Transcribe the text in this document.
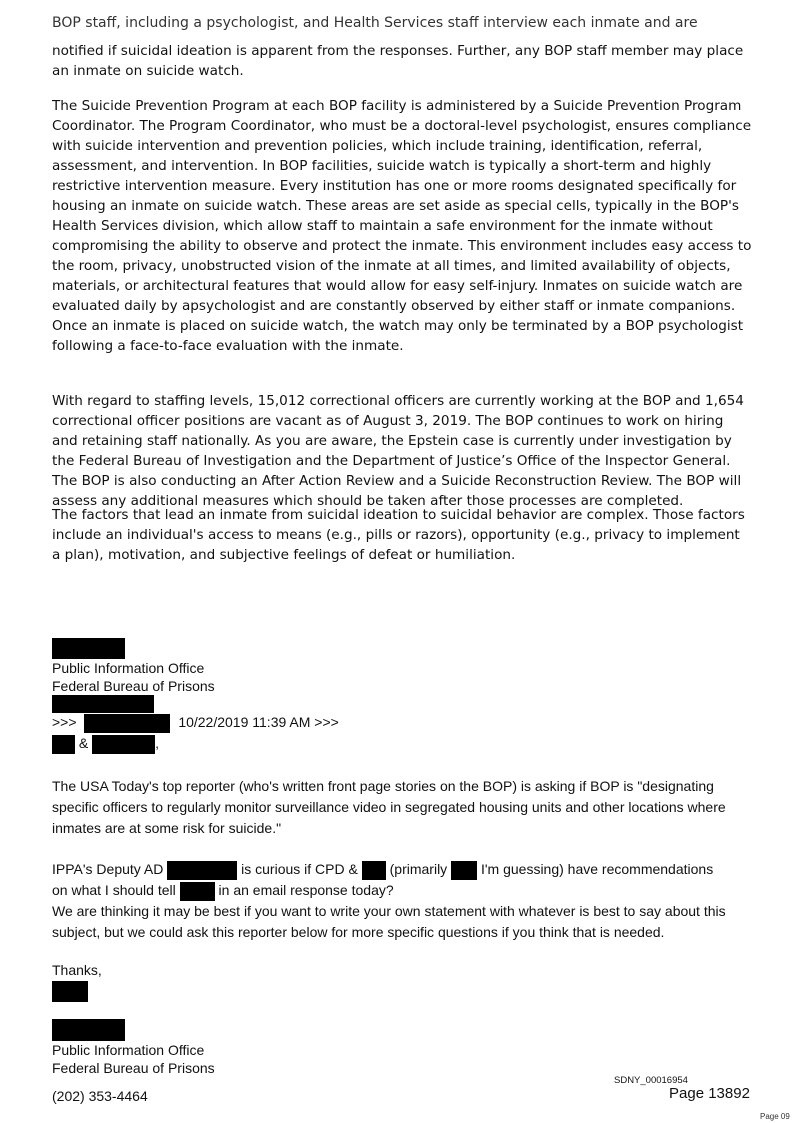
BOP staff, including a psychologist, and Health Services staff interview each inmate and are

notified if suicidal ideation is apparent from the responses. Further, any BOP staff member may place an inmate on suicide watch.

The Suicide Prevention Program at each BOP facility is administered by a Suicide Prevention Program Coordinator. The Program Coordinator, who must be a doctoral-level psychologist, ensures compliance with suicide intervention and prevention policies, which include training, identification, referral, assessment, and intervention. In BOP facilities, suicide watch is typically a short-term and highly restrictive intervention measure. Every institution has one or more rooms designated specifically for housing an inmate on suicide watch. These areas are set aside as special cells, typically in the BOP's Health Services division, which allow staff to maintain a safe environment for the inmate without compromising the ability to observe and protect the inmate. This environment includes easy access to the room, privacy, unobstructed vision of the inmate at all times, and limited availability of objects, materials, or architectural features that would allow for easy self-injury. Inmates on suicide watch are evaluated daily by apsychologist and are constantly observed by either staff or inmate companions. Once an inmate is placed on suicide watch, the watch may only be terminated by a BOP psychologist following a face-to-face evaluation with the inmate.

With regard to staffing levels, 15,012 correctional officers are currently working at the BOP and 1,654 correctional officer positions are vacant as of August 3, 2019. The BOP continues to work on hiring and retaining staff nationally. As you are aware, the Epstein case is currently under investigation by the Federal Bureau of Investigation and the Department of Justice’s Office of the Inspector General. The BOP is also conducting an After Action Review and a Suicide Reconstruction Review. The BOP will assess any additional measures which should be taken after those processes are completed.

The factors that lead an inmate from suicidal ideation to suicidal behavior are complex. Those factors include an individual's access to means (e.g., pills or razors), opportunity (e.g., privacy to implement a plan), motivation, and subjective feelings of defeat or humiliation.

Public Information Office
Federal Bureau of Prisons
>>>	10/22/2019 11:39 AM >>>
&	,

The USA Today's top reporter (who's written front page stories on the BOP) is asking if BOP is "designating specific officers to regularly monitor surveillance video in segregated housing units and other locations where inmates are at some risk for suicide."

IPPA's Deputy AD	is curious if CPD & (primarily I'm guessing) have recommendations
on what I should tell	in an email response today?

We are thinking it may be best if you want to write your own statement with whatever is best to say about this subject, but we could ask this reporter below for more specific questions if you think that is needed.

Thanks,
Public Information Office
Federal Bureau of Prisons
(202) 353-4464
SDNY_00016954
Page 13892
Page 09
